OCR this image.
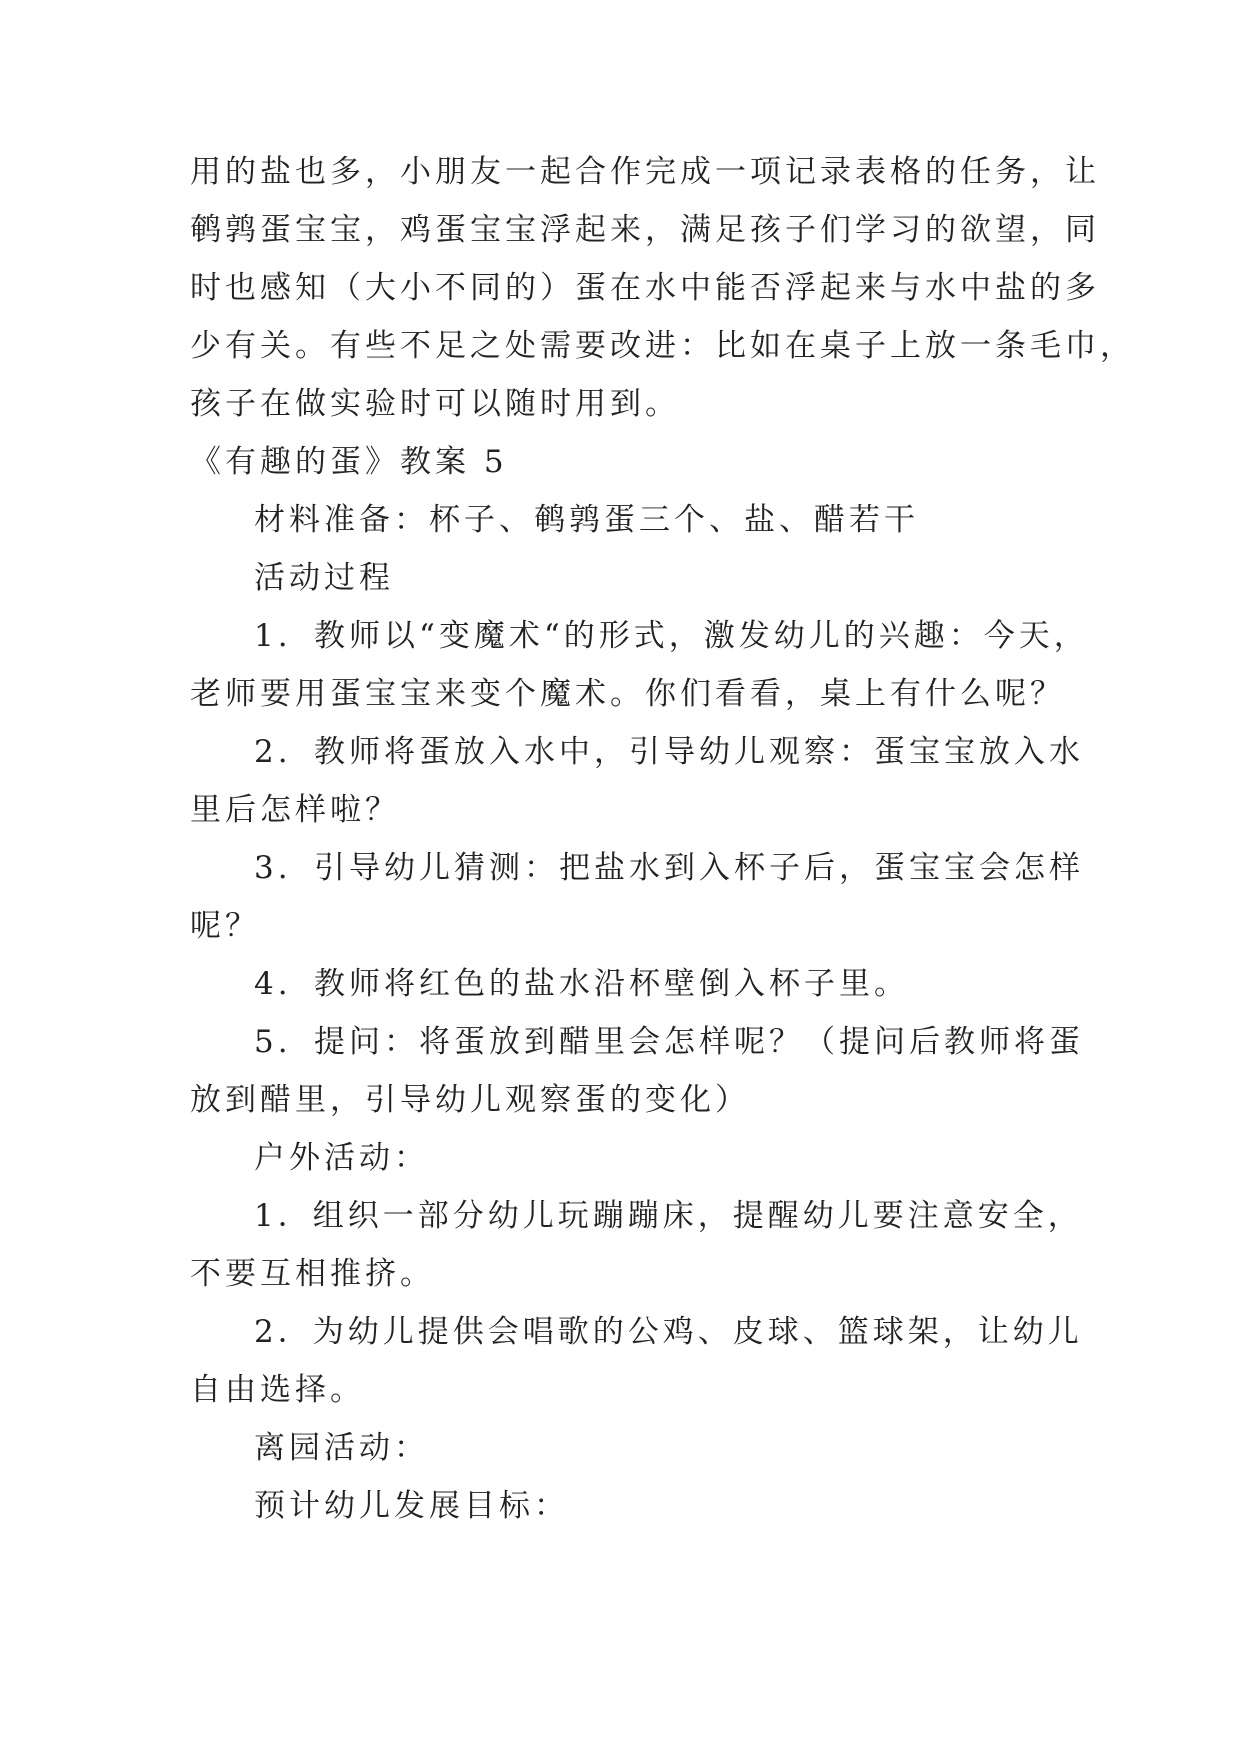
用的盐也多，小朋友一起合作完成一项记录表格的任务，让
鹌鹑蛋宝宝，鸡蛋宝宝浮起来，满足孩子们学习的欲望，同
时也感知（大小不同的）蛋在水中能否浮起来与水中盐的多
少有关。有些不足之处需要改进：比如在桌子上放一条毛巾，
孩子在做实验时可以随时用到。
《有趣的蛋》教案 5
材料准备：杯子、鹌鹑蛋三个、盐、醋若干
活动过程
1. 教师以“变魔术“的形式，激发幼儿的兴趣：今天，
老师要用蛋宝宝来变个魔术。你们看看，桌上有什么呢？
2. 教师将蛋放入水中，引导幼儿观察：蛋宝宝放入水
里后怎样啦？
3. 引导幼儿猜测：把盐水到入杯子后，蛋宝宝会怎样
呢？
4. 教师将红色的盐水沿杯壁倒入杯子里。
5. 提问：将蛋放到醋里会怎样呢？（提问后教师将蛋
放到醋里，引导幼儿观察蛋的变化）
户外活动：
1．组织一部分幼儿玩蹦蹦床，提醒幼儿要注意安全，
不要互相推挤。
2．为幼儿提供会唱歌的公鸡、皮球、篮球架，让幼儿
自由选择。
离园活动：
预计幼儿发展目标：
